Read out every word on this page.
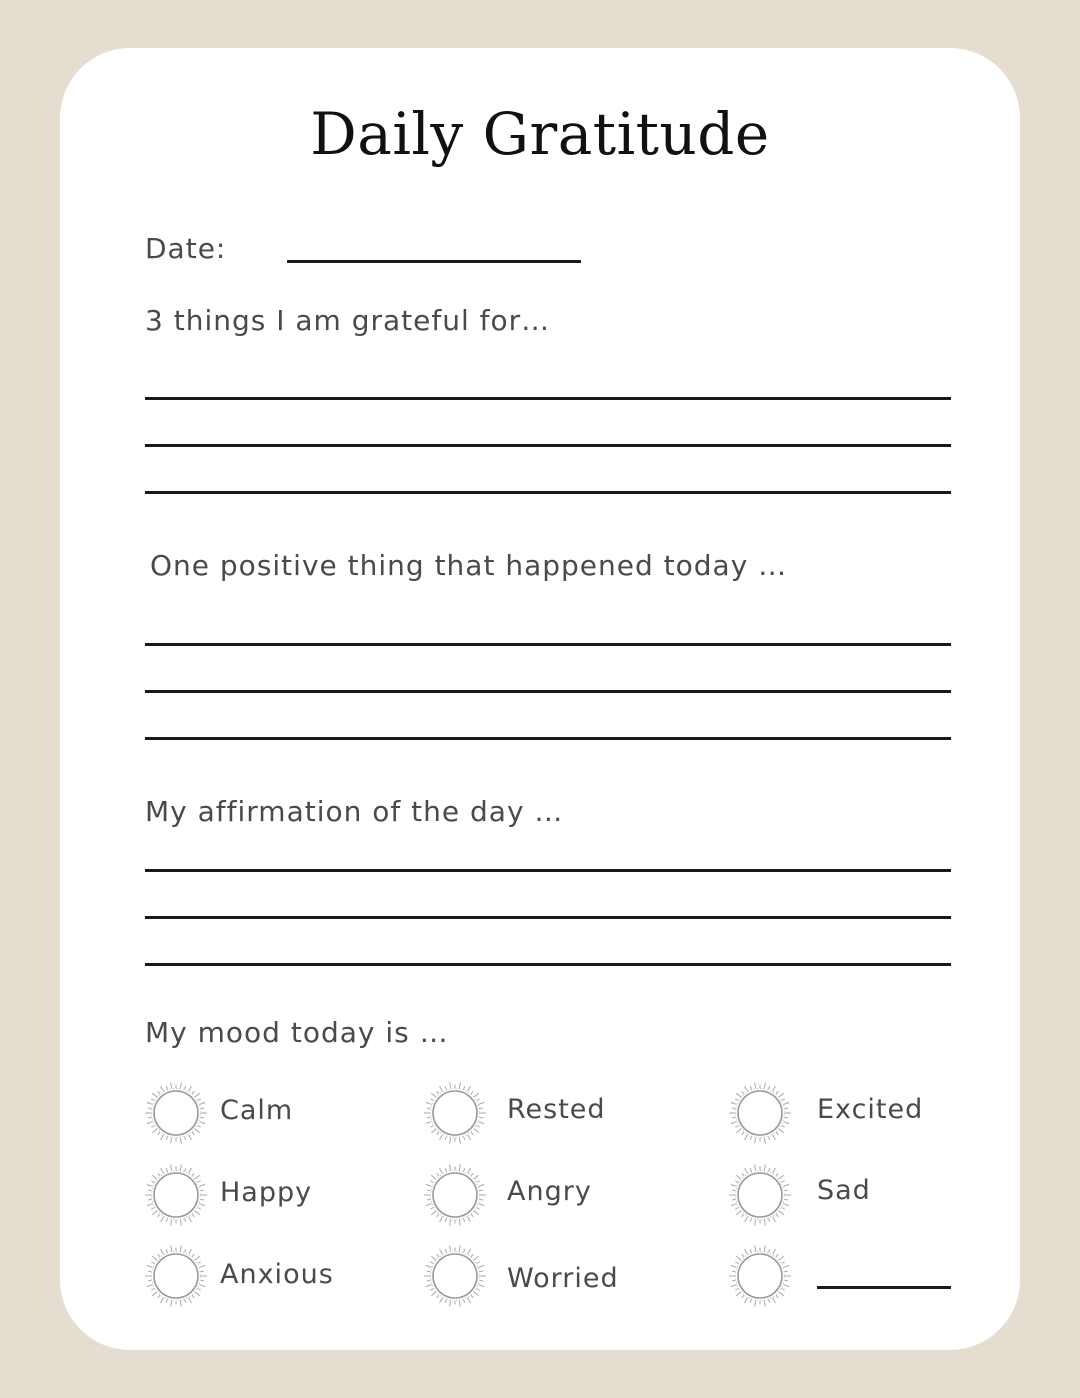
Daily Gratitude
Date:
3 things I am grateful for…
One positive thing that happened today …
My affirmation of the day …
My mood today is …
Calm	Rested	Excited
Happy	Angry	Sad
Anxious	Worried
